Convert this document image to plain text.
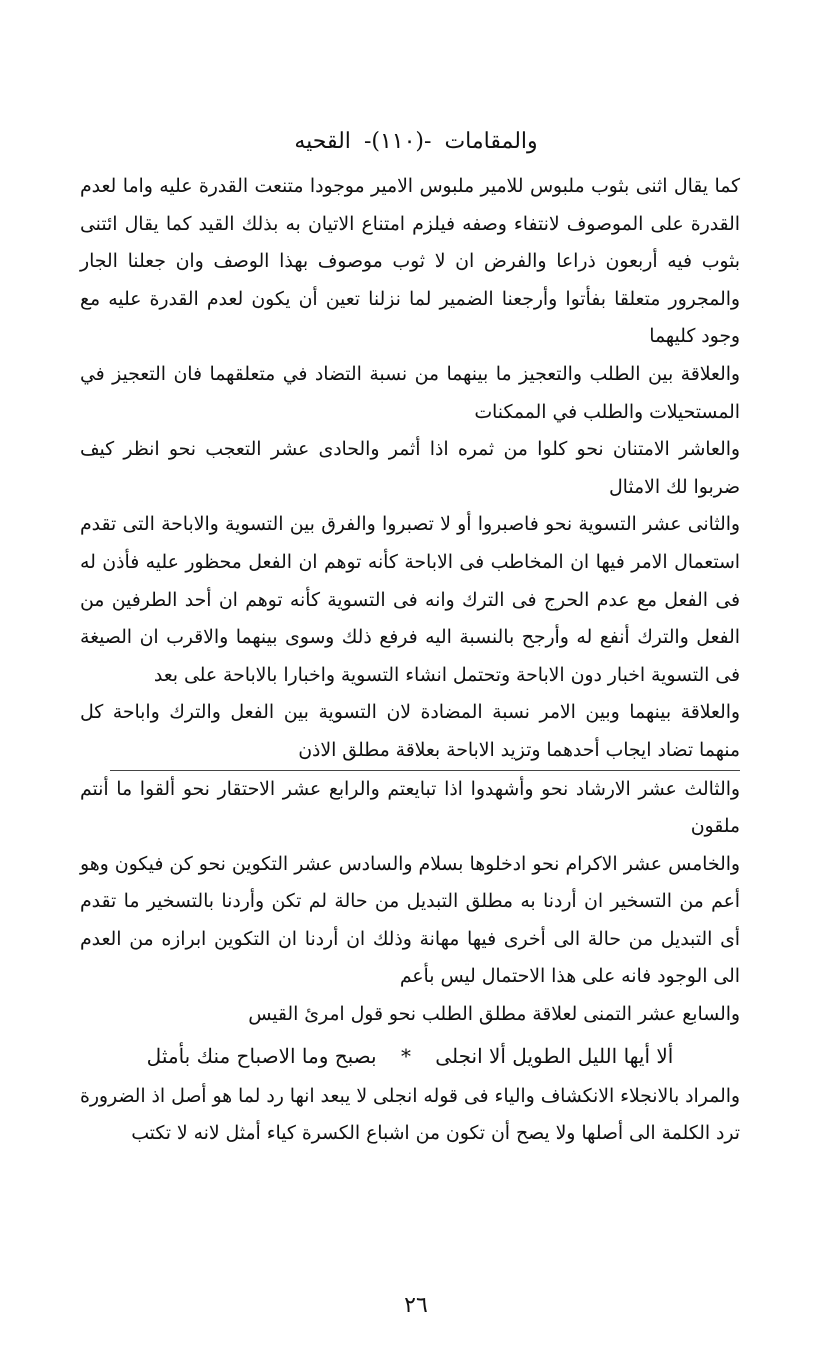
والمقامات -(١١٠)- القحيه

كما يقال اثنى بثوب ملبوس للامير ملبوس الامير موجودا متنعت القدرة عليه واما لعدم القدرة على الموصوف لانتفاء وصفه فيلزم امتناع الاتيان به بذلك القيد كما يقال ائتنى بثوب فيه أربعون ذراعا والفرض ان لا ثوب موصوف بهذا الوصف وان جعلنا الجار والمجرور متعلقا بفأتوا وأرجعنا الضمير لما نزلنا تعين أن يكون لعدم القدرة عليه مع وجود كليهما

والعلاقة بين الطلب والتعجيز ما بينهما من نسبة التضاد في متعلقهما فان التعجيز في المستحيلات والطلب في الممكنات

والعاشر الامتنان نحو كلوا من ثمره اذا أثمر والحادى عشر التعجب نحو انظر كيف ضربوا لك الامثال

والثانى عشر التسوية نحو فاصبروا أو لا تصبروا والفرق بين التسوية والاباحة التى تقدم استعمال الامر فيها ان المخاطب فى الاباحة كأنه توهم ان الفعل محظور عليه فأذن له فى الفعل مع عدم الحرج فى الترك وانه فى التسوية كأنه توهم ان أحد الطرفين من الفعل والترك أنفع له وأرجح بالنسبة اليه فرفع ذلك وسوى بينهما والاقرب ان الصيغة فى التسوية اخبار دون الاباحة وتحتمل انشاء التسوية واخبارا بالاباحة على بعد

والعلاقة بينهما وبين الامر نسبة المضادة لان التسوية بين الفعل والترك واباحة كل منهما تضاد ايجاب أحدهما وتزيد الاباحة بعلاقة مطلق الاذن

والثالث عشر الارشاد نحو وأشهدوا اذا تبايعتم والرابع عشر الاحتقار نحو ألقوا ما أنتم ملقون

والخامس عشر الاكرام نحو ادخلوها بسلام والسادس عشر التكوين نحو كن فيكون وهو أعم من التسخير ان أردنا به مطلق التبديل من حالة لم تكن وأردنا بالتسخير ما تقدم أى التبديل من حالة الى أخرى فيها مهانة وذلك ان أردنا ان التكوين ابرازه من العدم الى الوجود فانه على هذا الاحتمال ليس بأعم

والسابع عشر التمنى لعلاقة مطلق الطلب نحو قول امرئ القيس

ألا أيها الليل الطويل ألا انجلى * بصبح وما الاصباح منك بأمثل

والمراد بالانجلاء الانكشاف والياء فى قوله انجلى لا يبعد انها رد لما هو أصل اذ الضرورة ترد الكلمة الى أصلها ولا يصح أن تكون من اشباع الكسرة كياء أمثل لانه لا تكتب

٢٦
